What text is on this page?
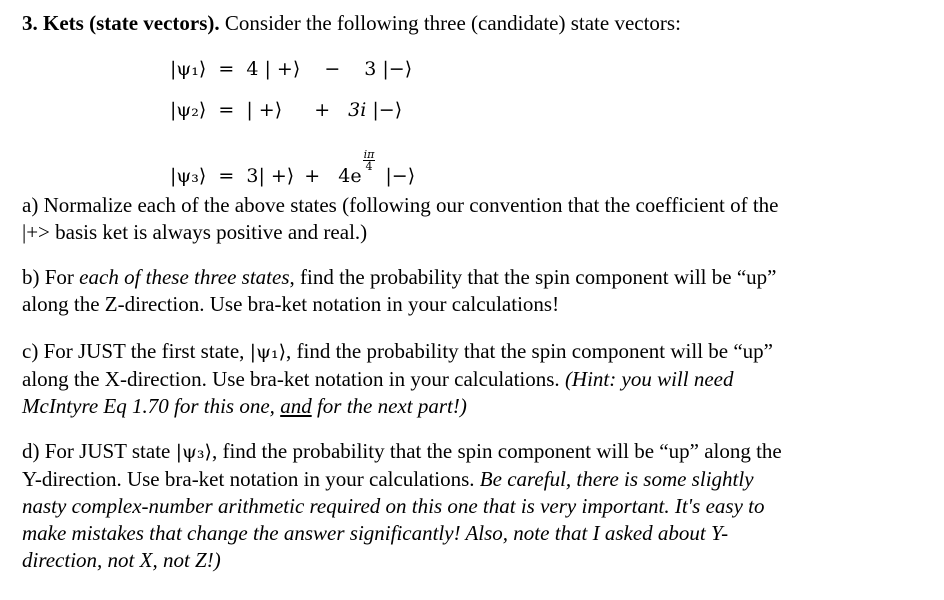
3. Kets (state vectors). Consider the following three (candidate) state vectors:
|ψ₁⟩ = 4 | +⟩ − 3 |−⟩
|ψ₂⟩ = | +⟩ + 3i |−⟩
|ψ₃⟩ = 3| +⟩ + 4e
$\frac{i\pi}{4}$
|−⟩
a) Normalize each of the above states (following our convention that the coefficient of the
|+> basis ket is always positive and real.)
b) For each of these three states, find the probability that the spin component will be “up”
along the Z-direction. Use bra-ket notation in your calculations!
c) For JUST the first state, |ψ₁⟩, find the probability that the spin component will be “up”
along the X-direction. Use bra-ket notation in your calculations. (Hint: you will need
McIntyre Eq 1.70 for this one, and for the next part!)
d) For JUST state |ψ₃⟩, find the probability that the spin component will be “up” along the
Y-direction. Use bra-ket notation in your calculations. Be careful, there is some slightly
nasty complex-number arithmetic required on this one that is very important. It's easy to
make mistakes that change the answer significantly! Also, note that I asked about Y-
direction, not X, not Z!)
